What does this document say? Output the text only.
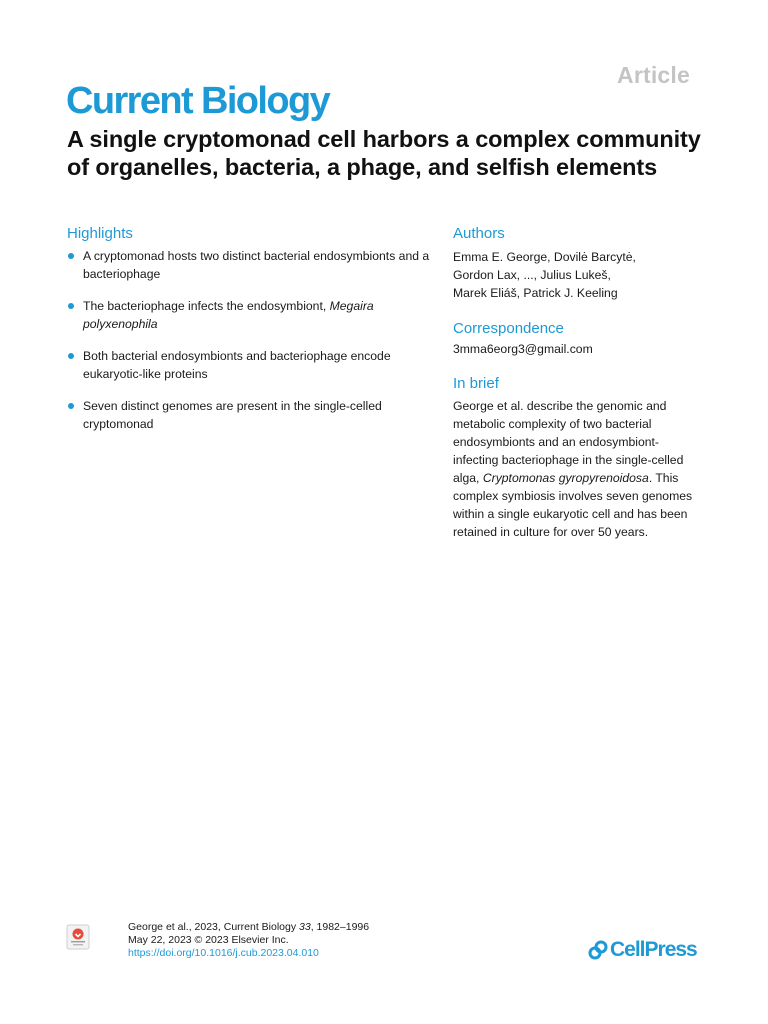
Article
Current Biology
A single cryptomonad cell harbors a complex community of organelles, bacteria, a phage, and selfish elements
Highlights
A cryptomonad hosts two distinct bacterial endosymbionts and a bacteriophage
The bacteriophage infects the endosymbiont, Megaira polyxenophila
Both bacterial endosymbionts and bacteriophage encode eukaryotic-like proteins
Seven distinct genomes are present in the single-celled cryptomonad
Authors
Emma E. George, Dovilė Barcytė,
Gordon Lax, ..., Julius Lukeš,
Marek Eliáš, Patrick J. Keeling
Correspondence
3mma6eorg3@gmail.com
In brief
George et al. describe the genomic and metabolic complexity of two bacterial endosymbionts and an endosymbiont-infecting bacteriophage in the single-celled alga, Cryptomonas gyropyrenoidosa. This complex symbiosis involves seven genomes within a single eukaryotic cell and has been retained in culture for over 50 years.
George et al., 2023, Current Biology 33, 1982–1996
May 22, 2023 © 2023 Elsevier Inc.
https://doi.org/10.1016/j.cub.2023.04.010	CellPress
